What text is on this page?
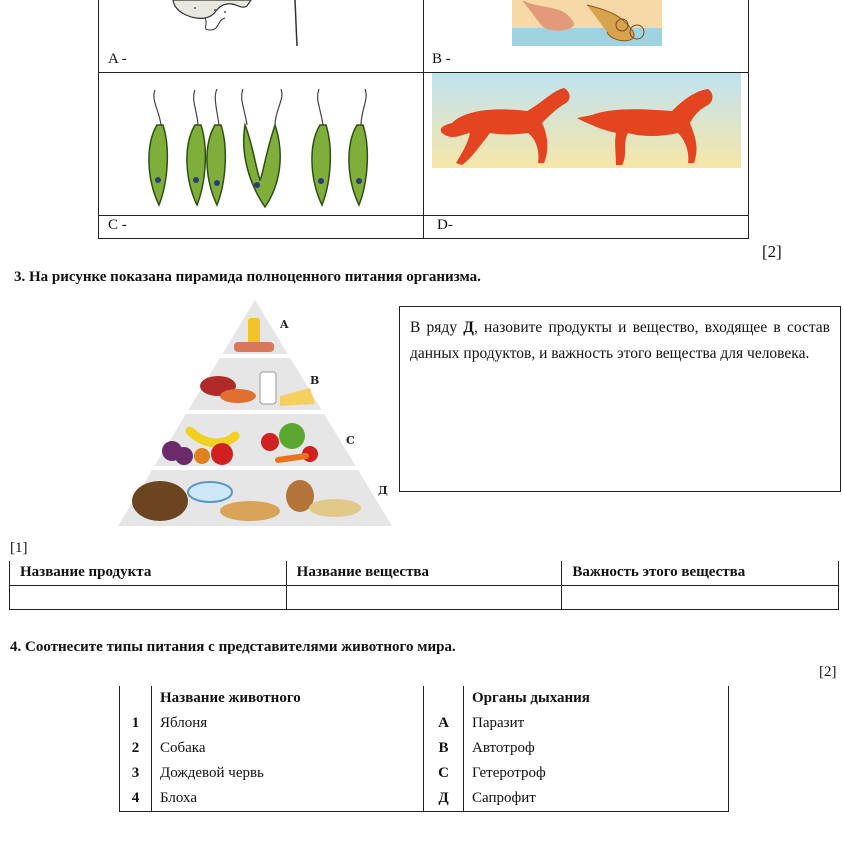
A -	B -
C -	D-
[2]
3. На рисунке показана пирамида полноценного питания организма.
A
B
C
Д
В ряду Д, назовите продукты и вещество, входящее в состав данных продуктов, и важность этого вещества для человека.
[1]
Название продукта	Название вещества	Важность этого вещества

4. Соотнесите типы питания с представителями животного мира.
[2]
	Название животного		Органы дыхания
1	Яблоня	A	Паразит
2	Собака	B	Автотроф
3	Дождевой червь	C	Гетеротроф
4	Блоха	Д	Сапрофит
